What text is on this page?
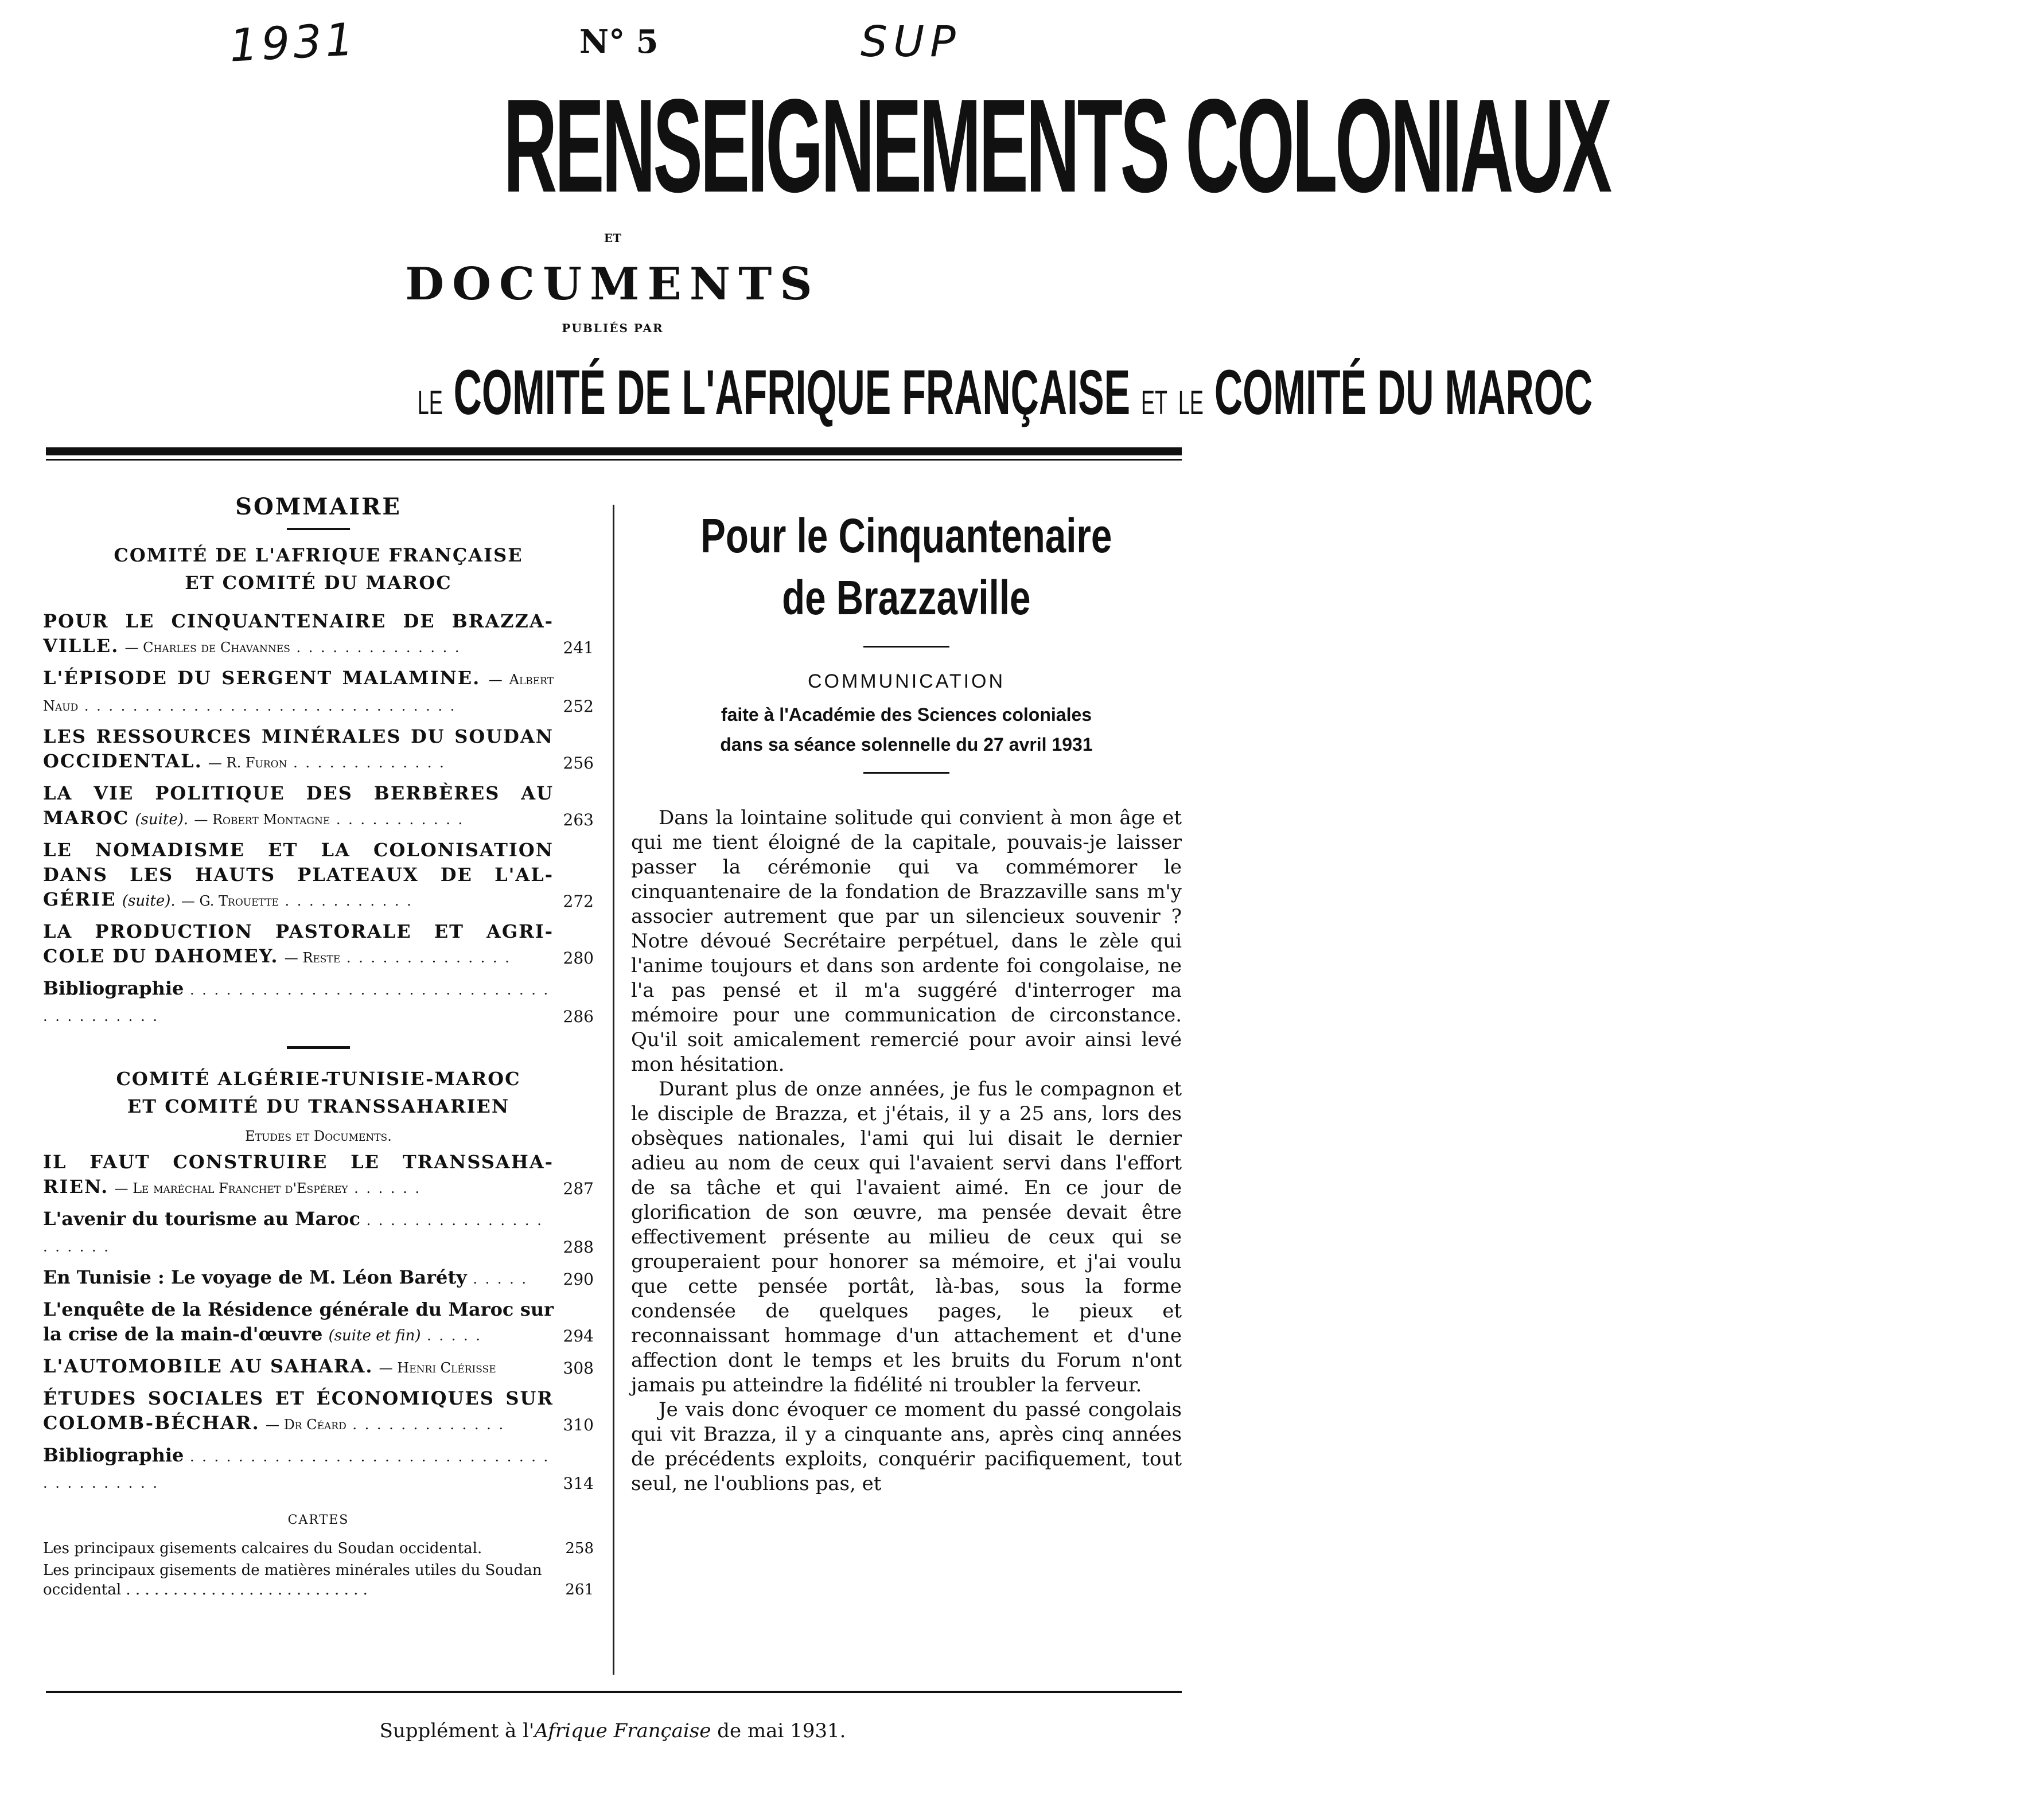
1931	SUP
N° 5
RENSEIGNEMENTS COLONIAUX
ET
DOCUMENTS
PUBLIÉS PAR
LE COMITÉ DE L'AFRIQUE FRANÇAISE ET LE COMITÉ DU MAROC
SOMMAIRE
COMITÉ DE L'AFRIQUE FRANÇAISE
ET COMITÉ DU MAROC
POUR LE CINQUANTENAIRE DE BRAZZA-VILLE. — Charles de Chavannes . . . . . . . . . . . . . .	241
L'ÉPISODE DU SERGENT MALAMINE. — Albert Naud . . . . . . . . . . . . . . . . . . . . . . . . . . . . . . .	252
LES RESSOURCES MINÉRALES DU SOUDAN OCCIDENTAL. — R. Furon . . . . . . . . . . . . .	256
LA VIE POLITIQUE DES BERBÈRES AU MAROC (suite). — Robert Montagne . . . . . . . . . . .	263
LE NOMADISME ET LA COLONISATION DANS LES HAUTS PLATEAUX DE L'AL-GÉRIE (suite). — G. Trouette . . . . . . . . . . .	272
LA PRODUCTION PASTORALE ET AGRI-COLE DU DAHOMEY. — Reste . . . . . . . . . . . . . .	280
Bibliographie . . . . . . . . . . . . . . . . . . . . . . . . . . . . . . . . . . . . . . . .	286
COMITÉ ALGÉRIE-TUNISIE-MAROC
ET COMITÉ DU TRANSSAHARIEN
Etudes et Documents.
IL FAUT CONSTRUIRE LE TRANSSAHA-RIEN. — Le maréchal Franchet d'Espérey . . . . . .	287
L'avenir du tourisme au Maroc . . . . . . . . . . . . . . . . . . . . .	288
En Tunisie : Le voyage de M. Léon Baréty . . . . . 290
L'enquête de la Résidence générale du Maroc sur la crise de la main-d'œuvre (suite et fin) . . . . .	294
L'AUTOMOBILE AU SAHARA. — Henri Clérisse	308
ÉTUDES SOCIALES ET ÉCONOMIQUES SUR COLOMB-BÉCHAR. — Dr Céard . . . . . . . . . . . . .	310
Bibliographie . . . . . . . . . . . . . . . . . . . . . . . . . . . . . . . . . . . . . . . .	314
CARTES
Les principaux gisements calcaires du Soudan occidental.	258
Les principaux gisements de matières minérales utiles du Soudan occidental . . . . . . . . . . . . . . . . . . . . . . . . . .	261
Pour le Cinquantenaire
de Brazzaville
COMMUNICATION
faite à l'Académie des Sciences coloniales
dans sa séance solennelle du 27 avril 1931

Dans la lointaine solitude qui convient à mon âge et qui me tient éloigné de la capitale, pouvais-je laisser passer la cérémonie qui va commémorer le cinquantenaire de la fondation de Brazzaville sans m'y associer autrement que par un silencieux souvenir ? Notre dévoué Secrétaire perpétuel, dans le zèle qui l'anime toujours et dans son ardente foi congolaise, ne l'a pas pensé et il m'a suggéré d'interroger ma mémoire pour une communication de circonstance. Qu'il soit amicalement remercié pour avoir ainsi levé mon hésitation.

Durant plus de onze années, je fus le compagnon et le disciple de Brazza, et j'étais, il y a 25 ans, lors des obsèques nationales, l'ami qui lui disait le dernier adieu au nom de ceux qui l'avaient servi dans l'effort de sa tâche et qui l'avaient aimé. En ce jour de glorification de son œuvre, ma pensée devait être effectivement présente au milieu de ceux qui se grouperaient pour honorer sa mémoire, et j'ai voulu que cette pensée portât, là-bas, sous la forme condensée de quelques pages, le pieux et reconnaissant hommage d'un attachement et d'une affection dont le temps et les bruits du Forum n'ont jamais pu atteindre la fidélité ni troubler la ferveur.

Je vais donc évoquer ce moment du passé congolais qui vit Brazza, il y a cinquante ans, après cinq années de précédents exploits, conquérir pacifiquement, tout seul, ne l'oublions pas, et

Supplément à l'Afrique Française de mai 1931.
